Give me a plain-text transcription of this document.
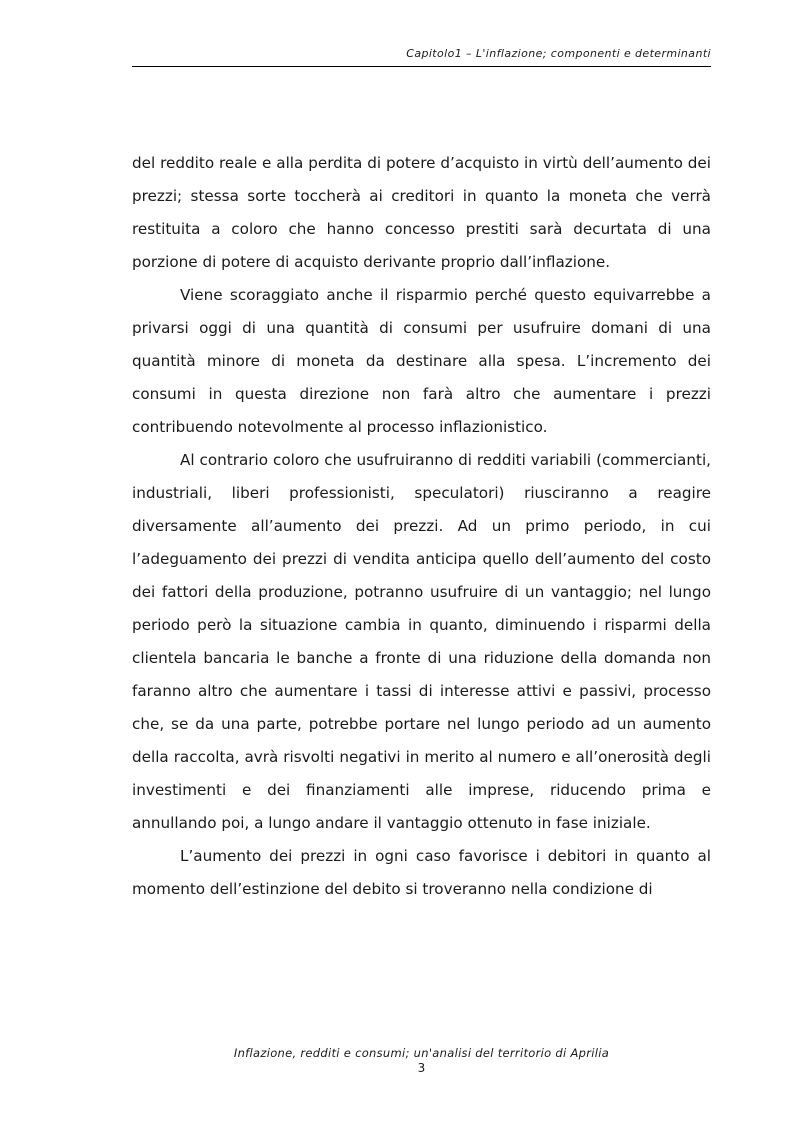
Capitolo1 – L'inflazione; componenti e determinanti

del reddito reale e alla perdita di potere d’acquisto in virtù dell’aumento dei prezzi; stessa sorte toccherà ai creditori in quanto la moneta che verrà restituita a coloro che hanno concesso prestiti sarà decurtata di una porzione di potere di acquisto derivante proprio dall’inflazione.

Viene scoraggiato anche il risparmio perché questo equivarrebbe a privarsi oggi di una quantità di consumi per usufruire domani di una quantità minore di moneta da destinare alla spesa. L’incremento dei consumi in questa direzione non farà altro che aumentare i prezzi contribuendo notevolmente al processo inflazionistico.

Al contrario coloro che usufruiranno di redditi variabili (commercianti, industriali, liberi professionisti, speculatori) riusciranno a reagire diversamente all’aumento dei prezzi. Ad un primo periodo, in cui l’adeguamento dei prezzi di vendita anticipa quello dell’aumento del costo dei fattori della produzione, potranno usufruire di un vantaggio; nel lungo periodo però la situazione cambia in quanto, diminuendo i risparmi della clientela bancaria le banche a fronte di una riduzione della domanda non faranno altro che aumentare i tassi di interesse attivi e passivi, processo che, se da una parte, potrebbe portare nel lungo periodo ad un aumento della raccolta, avrà risvolti negativi in merito al numero e all’onerosità degli investimenti e dei finanziamenti alle imprese, riducendo prima e annullando poi, a lungo andare il vantaggio ottenuto in fase iniziale.

L’aumento dei prezzi in ogni caso favorisce i debitori in quanto al momento dell’estinzione del debito si troveranno nella condizione di

Inflazione, redditi e consumi; un'analisi del territorio di Aprilia
3
